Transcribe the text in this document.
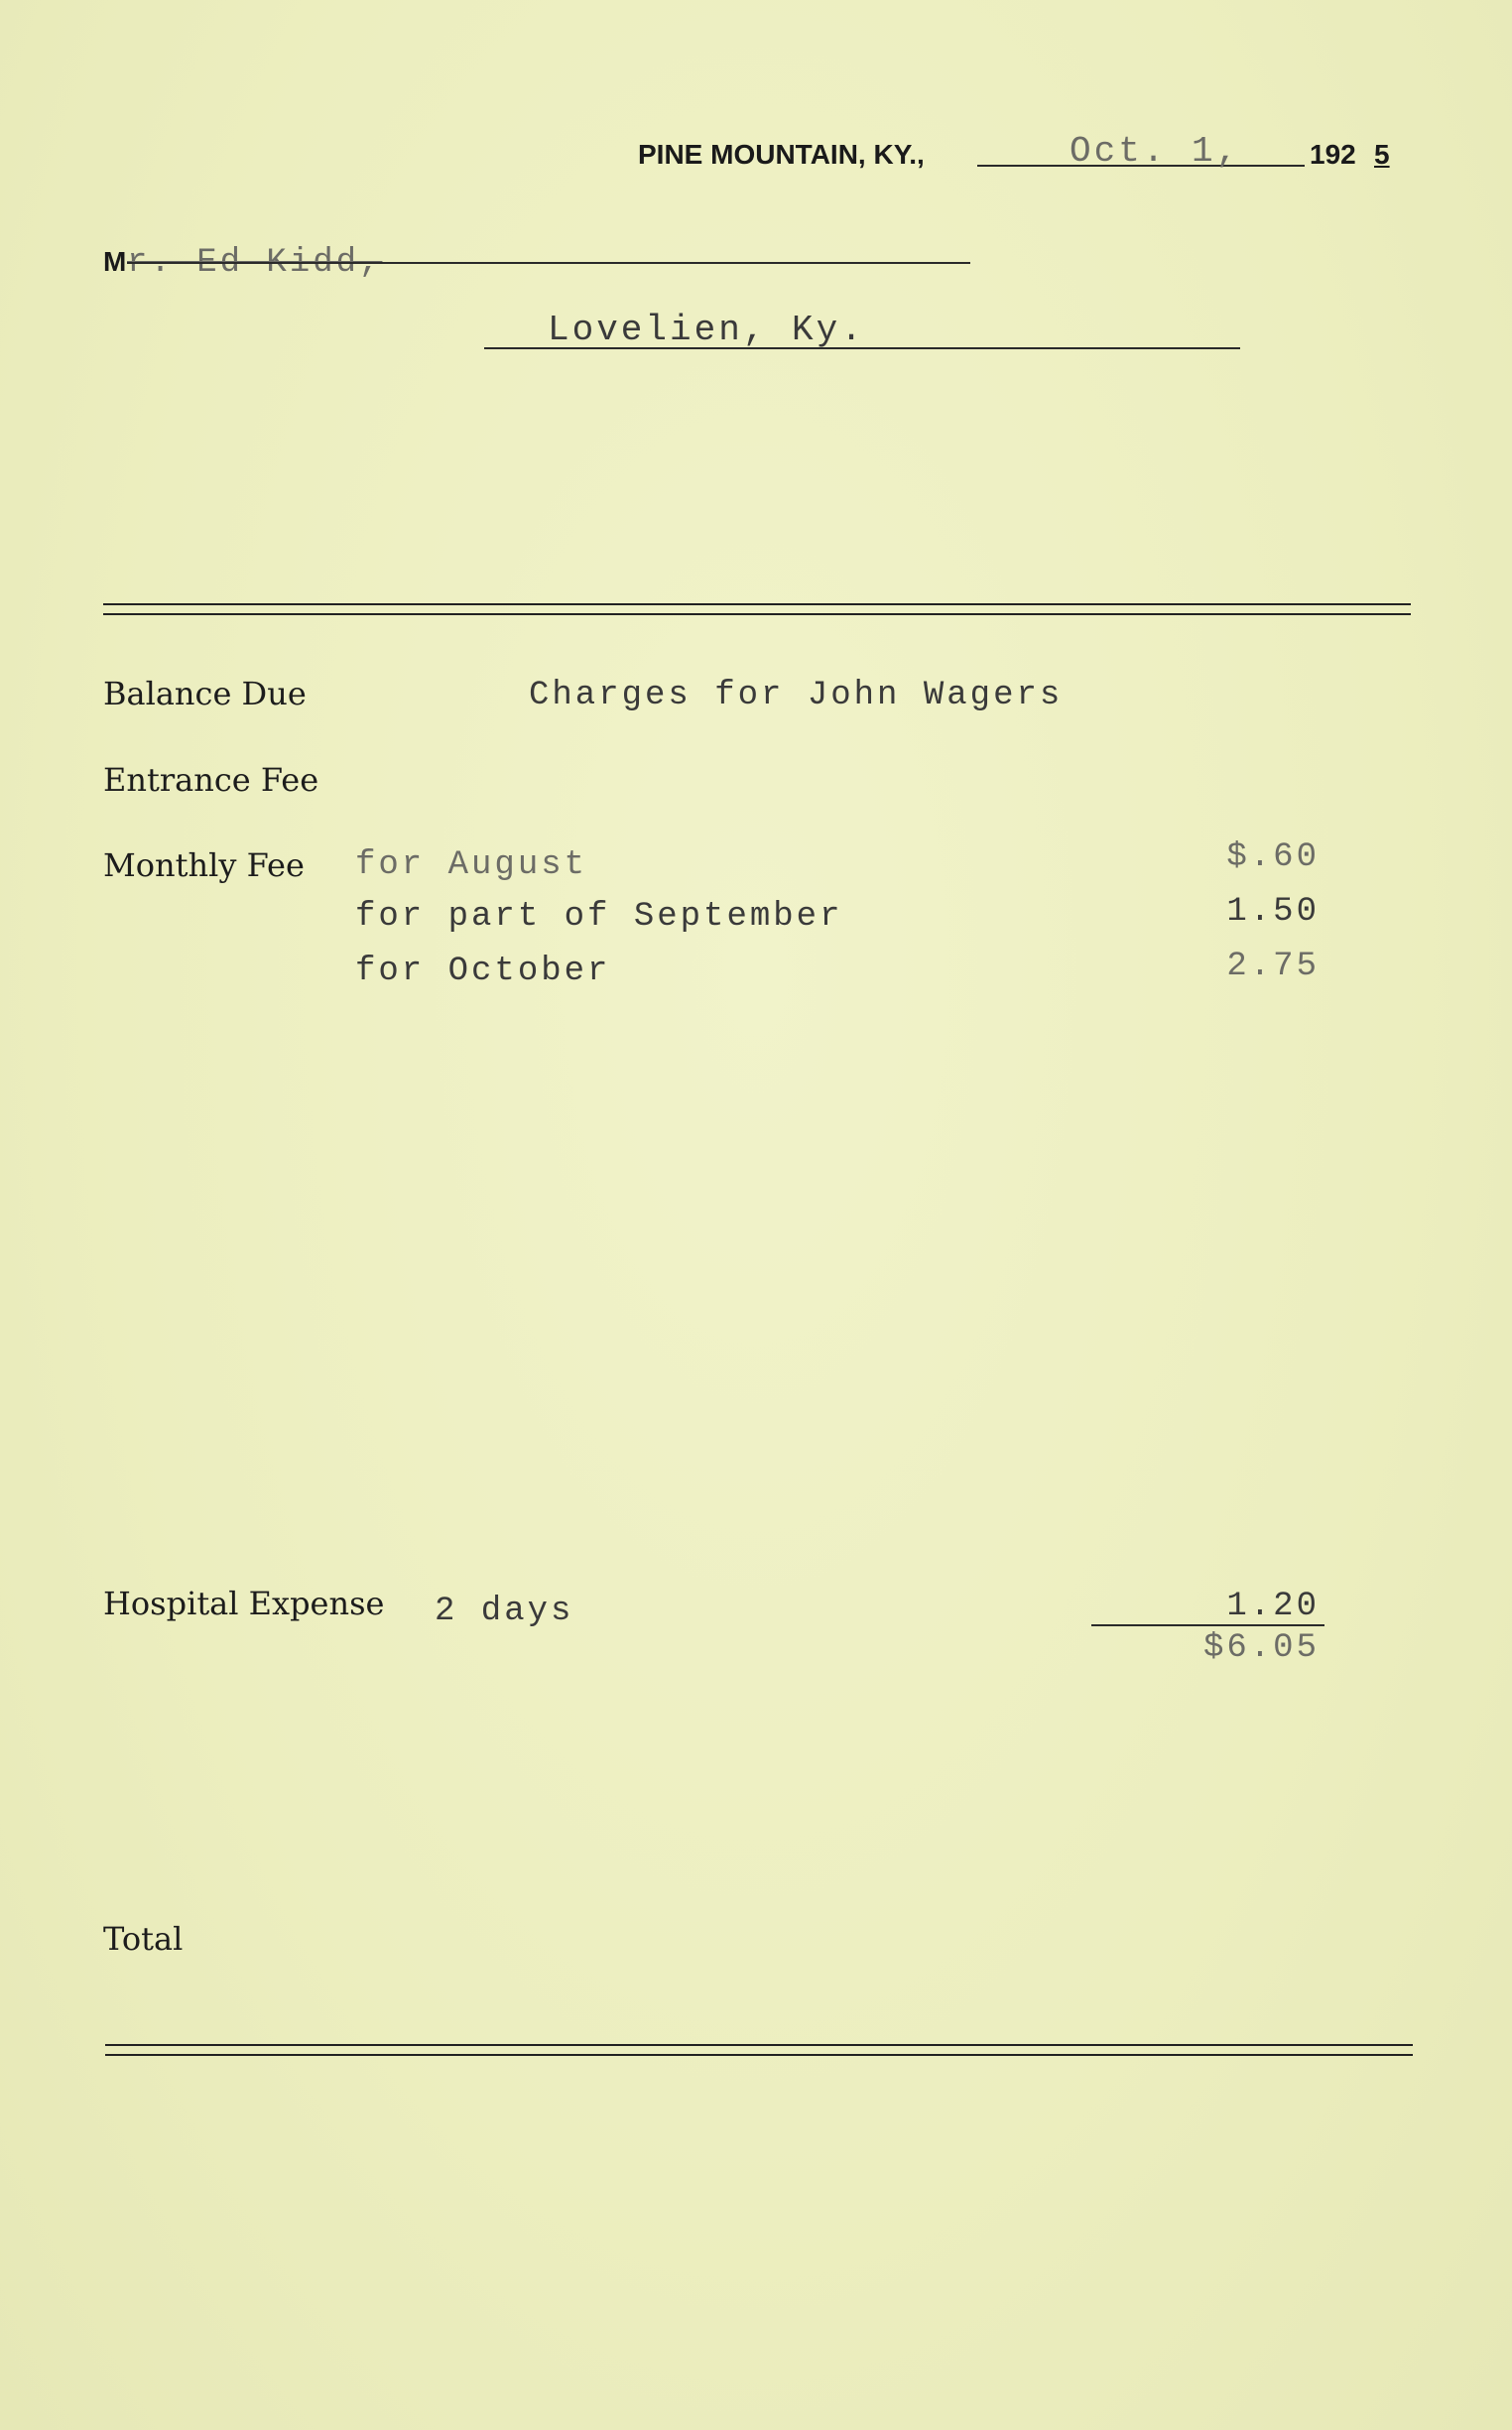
PINE MOUNTAIN, KY.,	Oct. 1, 192 5
M r. Ed Kidd,
Lovelien, Ky.
Balance Due	Charges for John Wagers
Entrance Fee
Monthly Fee for August	$.60
for part of September	1.50
for October	2.75
Hospital Expense 2 days	1.20
$6.05
Total
